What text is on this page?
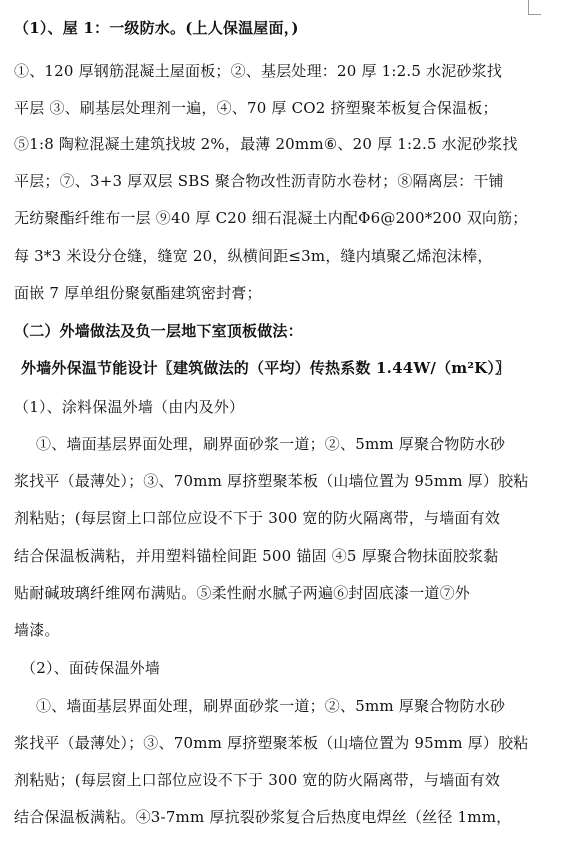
（1）、屋 1：一级防水。(上人保温屋面，)
①、120 厚钢筋混凝土屋面板；②、基层处理：20 厚 1:2.5 水泥砂浆找
平层 ③、刷基层处理剂一遍，④、70 厚 CO2 挤塑聚苯板复合保温板；
⑤1:8 陶粒混凝土建筑找坡 2%，最薄 20mm⑥、20 厚 1:2.5 水泥砂浆找
平层；⑦、3+3 厚双层 SBS 聚合物改性沥青防水卷材；⑧隔离层：干铺
无纺聚酯纤维布一层 ⑨40 厚 C20 细石混凝土内配Φ6@200*200 双向筋；
每 3*3 米设分仓缝，缝宽 20，纵横间距≤3m，缝内填聚乙烯泡沫棒，
面嵌 7 厚单组份聚氨酯建筑密封膏；
（二）外墙做法及负一层地下室顶板做法：
外墙外保温节能设计〖建筑做法的（平均）传热系数 1.44W/（m²K）〗
（1）、涂料保温外墙（由内及外）
①、墙面基层界面处理，刷界面砂浆一道；②、5mm 厚聚合物防水砂
浆找平（最薄处）；③、70mm 厚挤塑聚苯板（山墙位置为 95mm 厚）胶粘
剂粘贴；(每层窗上口部位应设不下于 300 宽的防火隔离带，与墙面有效
结合保温板满粘，并用塑料锚栓间距 500 锚固 ④5 厚聚合物抹面胶浆黏
贴耐碱玻璃纤维网布满贴。⑤柔性耐水腻子两遍⑥封固底漆一道⑦外
墙漆。
（2）、面砖保温外墙
①、墙面基层界面处理，刷界面砂浆一道；②、5mm 厚聚合物防水砂
浆找平（最薄处）；③、70mm 厚挤塑聚苯板（山墙位置为 95mm 厚）胶粘
剂粘贴；(每层窗上口部位应设不下于 300 宽的防火隔离带，与墙面有效
结合保温板满粘。④3-7mm 厚抗裂砂浆复合后热度电焊丝（丝径 1mm，
